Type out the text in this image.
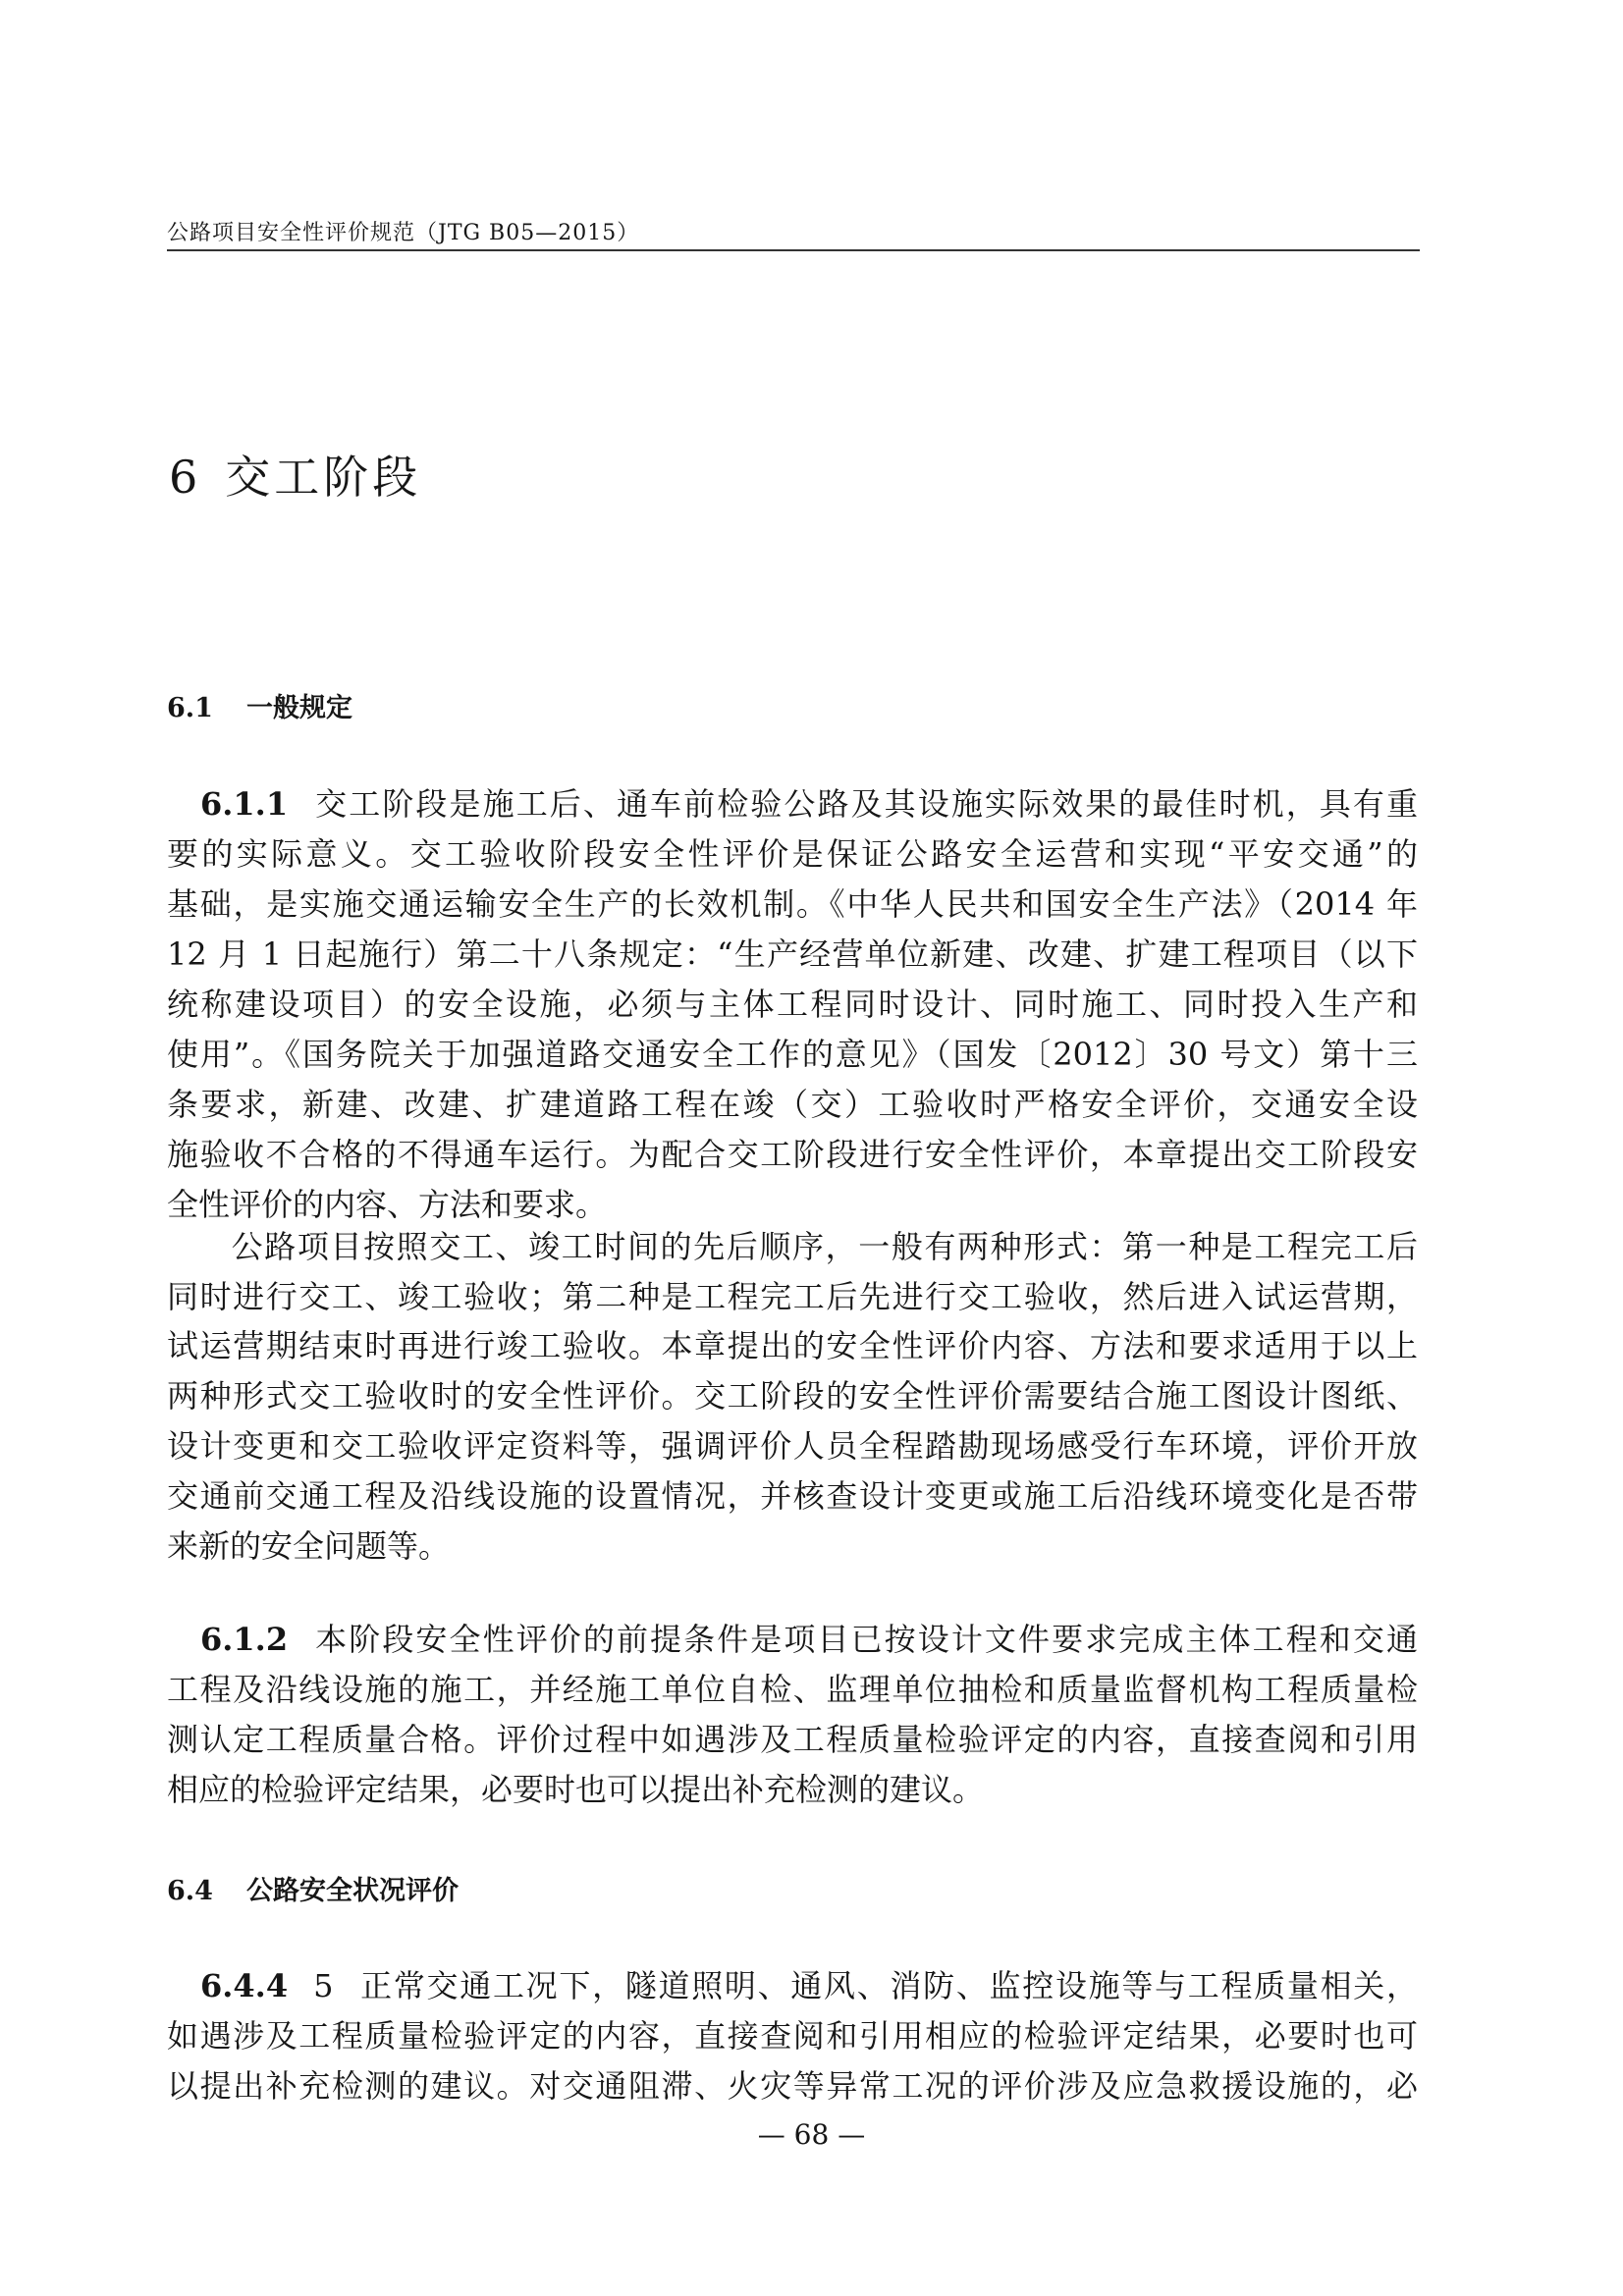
公路项目安全性评价规范（JTG B05—2015）
6 交工阶段
6.1 一般规定
6.1.1 交工阶段是施工后、通车前检验公路及其设施实际效果的最佳时机，具有重
要的实际意义。交工验收阶段安全性评价是保证公路安全运营和实现“平安交通”的
基础，是实施交通运输安全生产的长效机制。《中华人民共和国安全生产法》（2014 年
12 月 1 日起施行）第二十八条规定：“生产经营单位新建、改建、扩建工程项目（以下
统称建设项目）的安全设施，必须与主体工程同时设计、同时施工、同时投入生产和
使用”。《国务院关于加强道路交通安全工作的意见》（国发〔2012〕30 号文）第十三
条要求，新建、改建、扩建道路工程在竣（交）工验收时严格安全评价，交通安全设
施验收不合格的不得通车运行。为配合交工阶段进行安全性评价，本章提出交工阶段安
全性评价的内容、方法和要求。
公路项目按照交工、竣工时间的先后顺序，一般有两种形式：第一种是工程完工后
同时进行交工、竣工验收；第二种是工程完工后先进行交工验收，然后进入试运营期，
试运营期结束时再进行竣工验收。本章提出的安全性评价内容、方法和要求适用于以上
两种形式交工验收时的安全性评价。交工阶段的安全性评价需要结合施工图设计图纸、
设计变更和交工验收评定资料等，强调评价人员全程踏勘现场感受行车环境，评价开放
交通前交通工程及沿线设施的设置情况，并核查设计变更或施工后沿线环境变化是否带
来新的安全问题等。
6.1.2 本阶段安全性评价的前提条件是项目已按设计文件要求完成主体工程和交通
工程及沿线设施的施工，并经施工单位自检、监理单位抽检和质量监督机构工程质量检
测认定工程质量合格。评价过程中如遇涉及工程质量检验评定的内容，直接查阅和引用
相应的检验评定结果，必要时也可以提出补充检测的建议。
6.4 公路安全状况评价
6.4.4 5 正常交通工况下，隧道照明、通风、消防、监控设施等与工程质量相关，
如遇涉及工程质量检验评定的内容，直接查阅和引用相应的检验评定结果，必要时也可
以提出补充检测的建议。对交通阻滞、火灾等异常工况的评价涉及应急救援设施的，必
— 68 —
